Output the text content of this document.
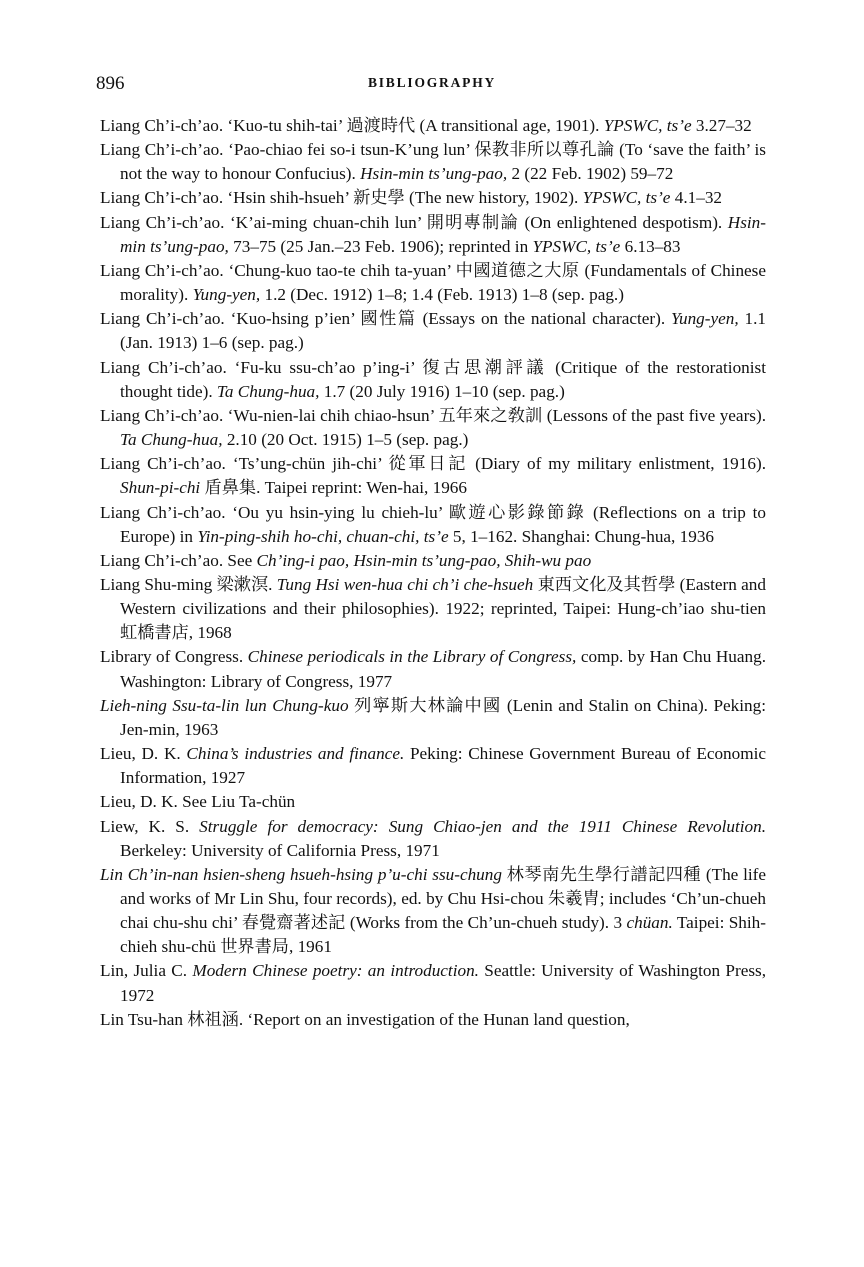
896	BIBLIOGRAPHY
Liang Ch’i-ch’ao. ‘Kuo-tu shih-tai’ 過渡時代 (A transitional age, 1901). YPSWC, ts’e 3.27–32
Liang Ch’i-ch’ao. ‘Pao-chiao fei so-i tsun-K’ung lun’ 保教非所以尊孔論 (To ‘save the faith’ is not the way to honour Confucius). Hsin-min ts’ung-pao, 2 (22 Feb. 1902) 59–72
Liang Ch’i-ch’ao. ‘Hsin shih-hsueh’ 新史學 (The new history, 1902). YPSWC, ts’e 4.1–32
Liang Ch’i-ch’ao. ‘K’ai-ming chuan-chih lun’ 開明專制論 (On enlightened despotism). Hsin-min ts’ung-pao, 73–75 (25 Jan.–23 Feb. 1906); reprinted in YPSWC, ts’e 6.13–83
Liang Ch’i-ch’ao. ‘Chung-kuo tao-te chih ta-yuan’ 中國道德之大原 (Fundamentals of Chinese morality). Yung-yen, 1.2 (Dec. 1912) 1–8; 1.4 (Feb. 1913) 1–8 (sep. pag.)
Liang Ch’i-ch’ao. ‘Kuo-hsing p’ien’ 國性篇 (Essays on the national character). Yung-yen, 1.1 (Jan. 1913) 1–6 (sep. pag.)
Liang Ch’i-ch’ao. ‘Fu-ku ssu-ch’ao p’ing-i’ 復古思潮評議 (Critique of the restorationist thought tide). Ta Chung-hua, 1.7 (20 July 1916) 1–10 (sep. pag.)
Liang Ch’i-ch’ao. ‘Wu-nien-lai chih chiao-hsun’ 五年來之敎訓 (Lessons of the past five years). Ta Chung-hua, 2.10 (20 Oct. 1915) 1–5 (sep. pag.)
Liang Ch’i-ch’ao. ‘Ts’ung-chün jih-chi’ 從軍日記 (Diary of my military enlistment, 1916). Shun-pi-chi 盾鼻集. Taipei reprint: Wen-hai, 1966
Liang Ch’i-ch’ao. ‘Ou yu hsin-ying lu chieh-lu’ 歐遊心影錄節錄 (Reflections on a trip to Europe) in Yin-ping-shih ho-chi, chuan-chi, ts’e 5, 1–162. Shanghai: Chung-hua, 1936
Liang Ch’i-ch’ao. See Ch’ing-i pao, Hsin-min ts’ung-pao, Shih-wu pao
Liang Shu-ming 梁漱溟. Tung Hsi wen-hua chi ch’i che-hsueh 東西文化及其哲學 (Eastern and Western civilizations and their philosophies). 1922; reprinted, Taipei: Hung-ch’iao shu-tien 虹橋書店, 1968
Library of Congress. Chinese periodicals in the Library of Congress, comp. by Han Chu Huang. Washington: Library of Congress, 1977
Lieh-ning Ssu-ta-lin lun Chung-kuo 列寧斯大林論中國 (Lenin and Stalin on China). Peking: Jen-min, 1963
Lieu, D. K. China’s industries and finance. Peking: Chinese Government Bureau of Economic Information, 1927
Lieu, D. K. See Liu Ta-chün
Liew, K. S. Struggle for democracy: Sung Chiao-jen and the 1911 Chinese Revolution. Berkeley: University of California Press, 1971
Lin Ch’in-nan hsien-sheng hsueh-hsing p’u-chi ssu-chung 林琴南先生學行譜記四種 (The life and works of Mr Lin Shu, four records), ed. by Chu Hsi-chou 朱羲胄; includes ‘Ch’un-chueh chai chu-shu chi’ 春覺齋著述記 (Works from the Ch’un-chueh study). 3 chüan. Taipei: Shih-chieh shu-chü 世界書局, 1961
Lin, Julia C. Modern Chinese poetry: an introduction. Seattle: University of Washington Press, 1972
Lin Tsu-han 林祖涵. ‘Report on an investigation of the Hunan land question,
